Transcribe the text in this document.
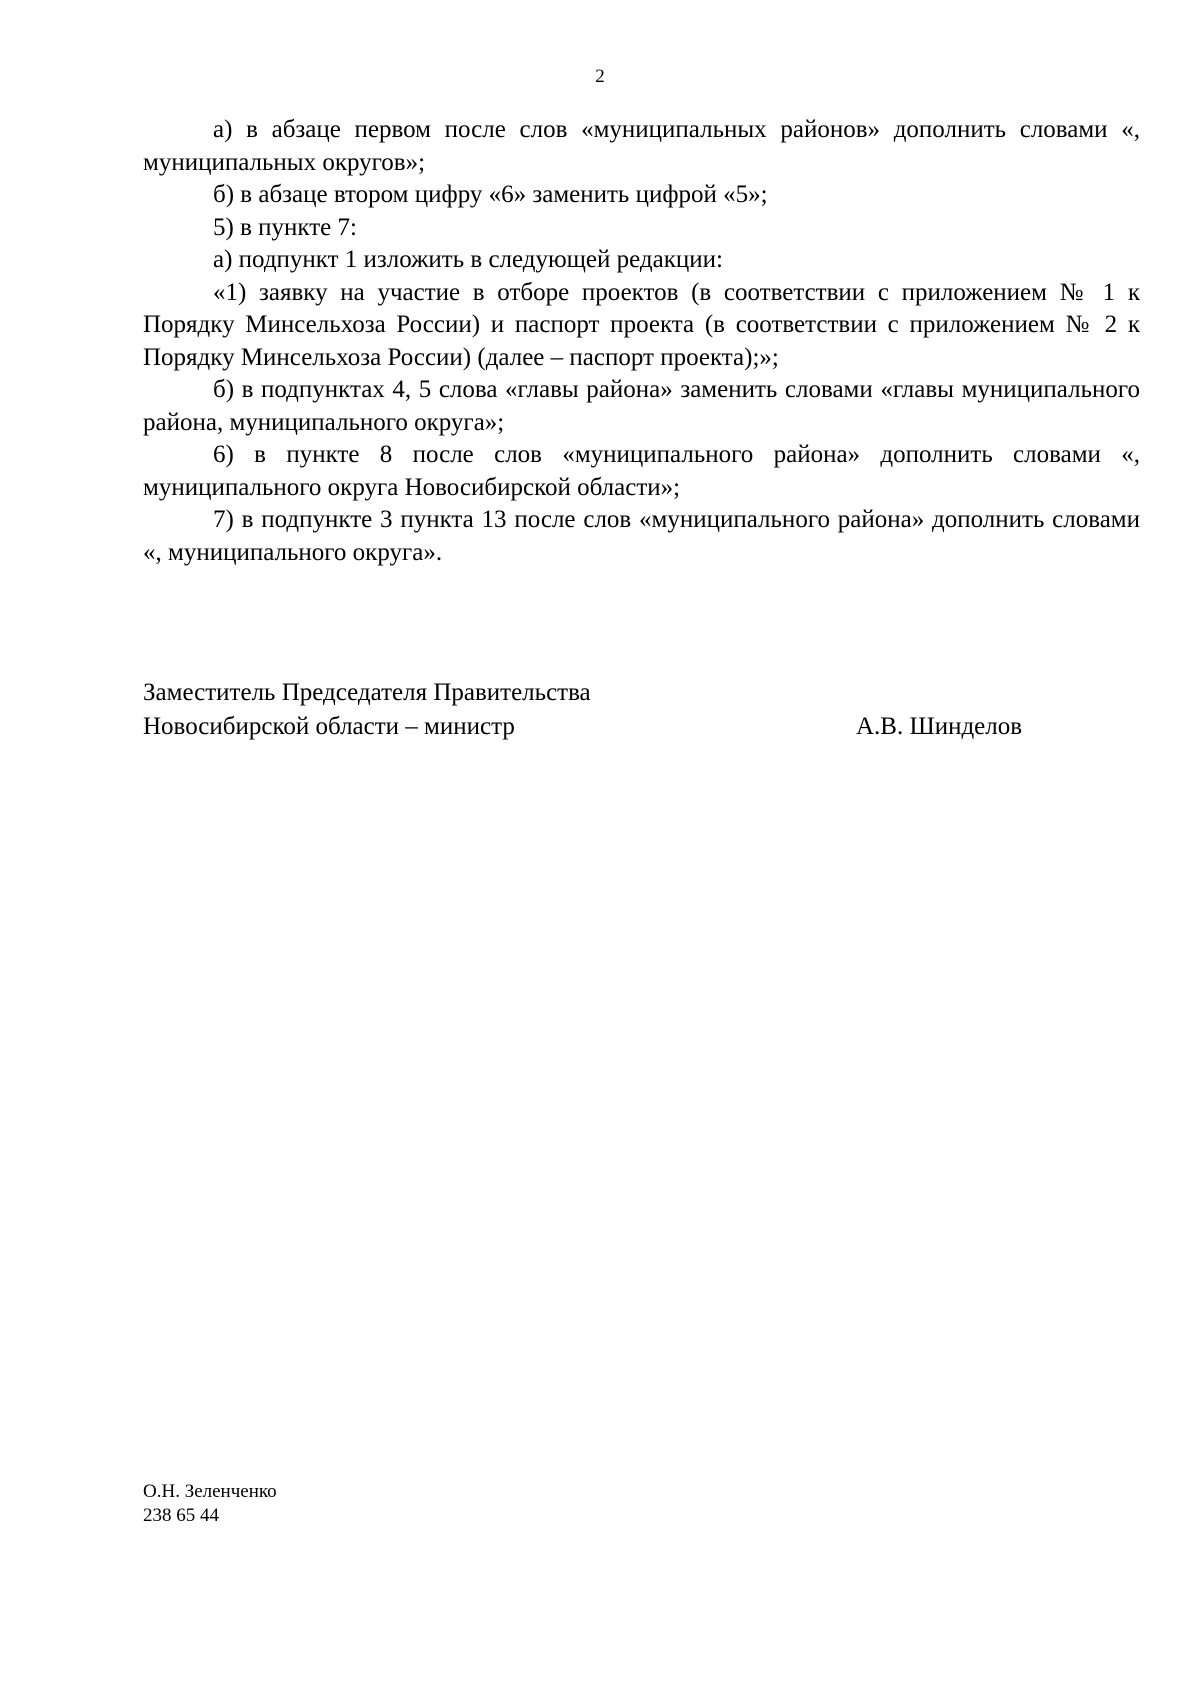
2

а) в абзаце первом после слов «муниципальных районов» дополнить словами «, муниципальных округов»;

б) в абзаце втором цифру «6» заменить цифрой «5»;

5) в пункте 7:

а) подпункт 1 изложить в следующей редакции:

«1) заявку на участие в отборе проектов (в соответствии с приложением № 1 к Порядку Минсельхоза России) и паспорт проекта (в соответствии с приложением № 2 к Порядку Минсельхоза России) (далее – паспорт проекта);»;

б) в подпунктах 4, 5 слова «главы района» заменить словами «главы муниципального района, муниципального округа»;

6) в пункте 8 после слов «муниципального района» дополнить словами «, муниципального округа Новосибирской области»;

7) в подпункте 3 пункта 13 после слов «муниципального района» дополнить словами «, муниципального округа».

Заместитель Председателя Правительства
Новосибирской области – министр	А.В. Шинделов
О.Н. Зеленченко
238 65 44
